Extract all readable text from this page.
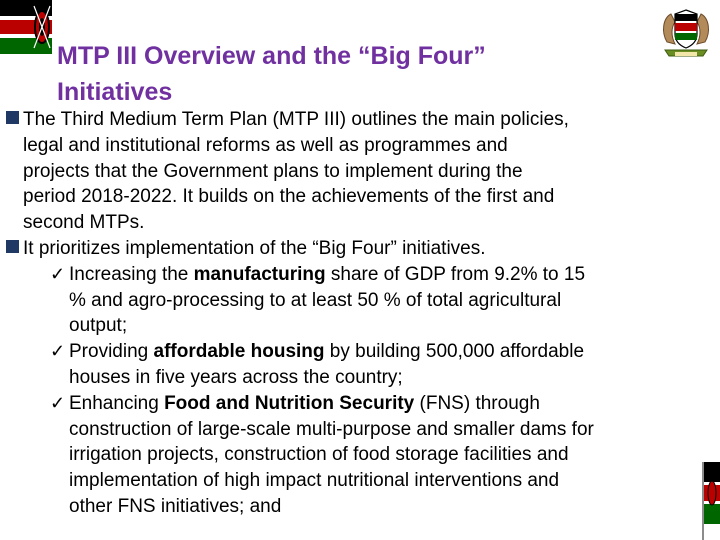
MTP III Overview and the “Big Four”
Initiatives
The Third Medium Term Plan (MTP III) outlines the main policies,
legal and institutional reforms as well as programmes and
projects that the Government plans to implement during the
period 2018-2022. It builds on the achievements of the first and
second MTPs.
It prioritizes implementation of the “Big Four” initiatives.
✓ Increasing the manufacturing share of GDP from 9.2% to 15
% and agro-processing to at least 50 % of total agricultural
output;
✓ Providing affordable housing by building 500,000 affordable
houses in five years across the country;
✓ Enhancing Food and Nutrition Security (FNS) through
construction of large-scale multi-purpose and smaller dams for
irrigation projects, construction of food storage facilities and
implementation of high impact nutritional interventions and
other FNS initiatives; and
